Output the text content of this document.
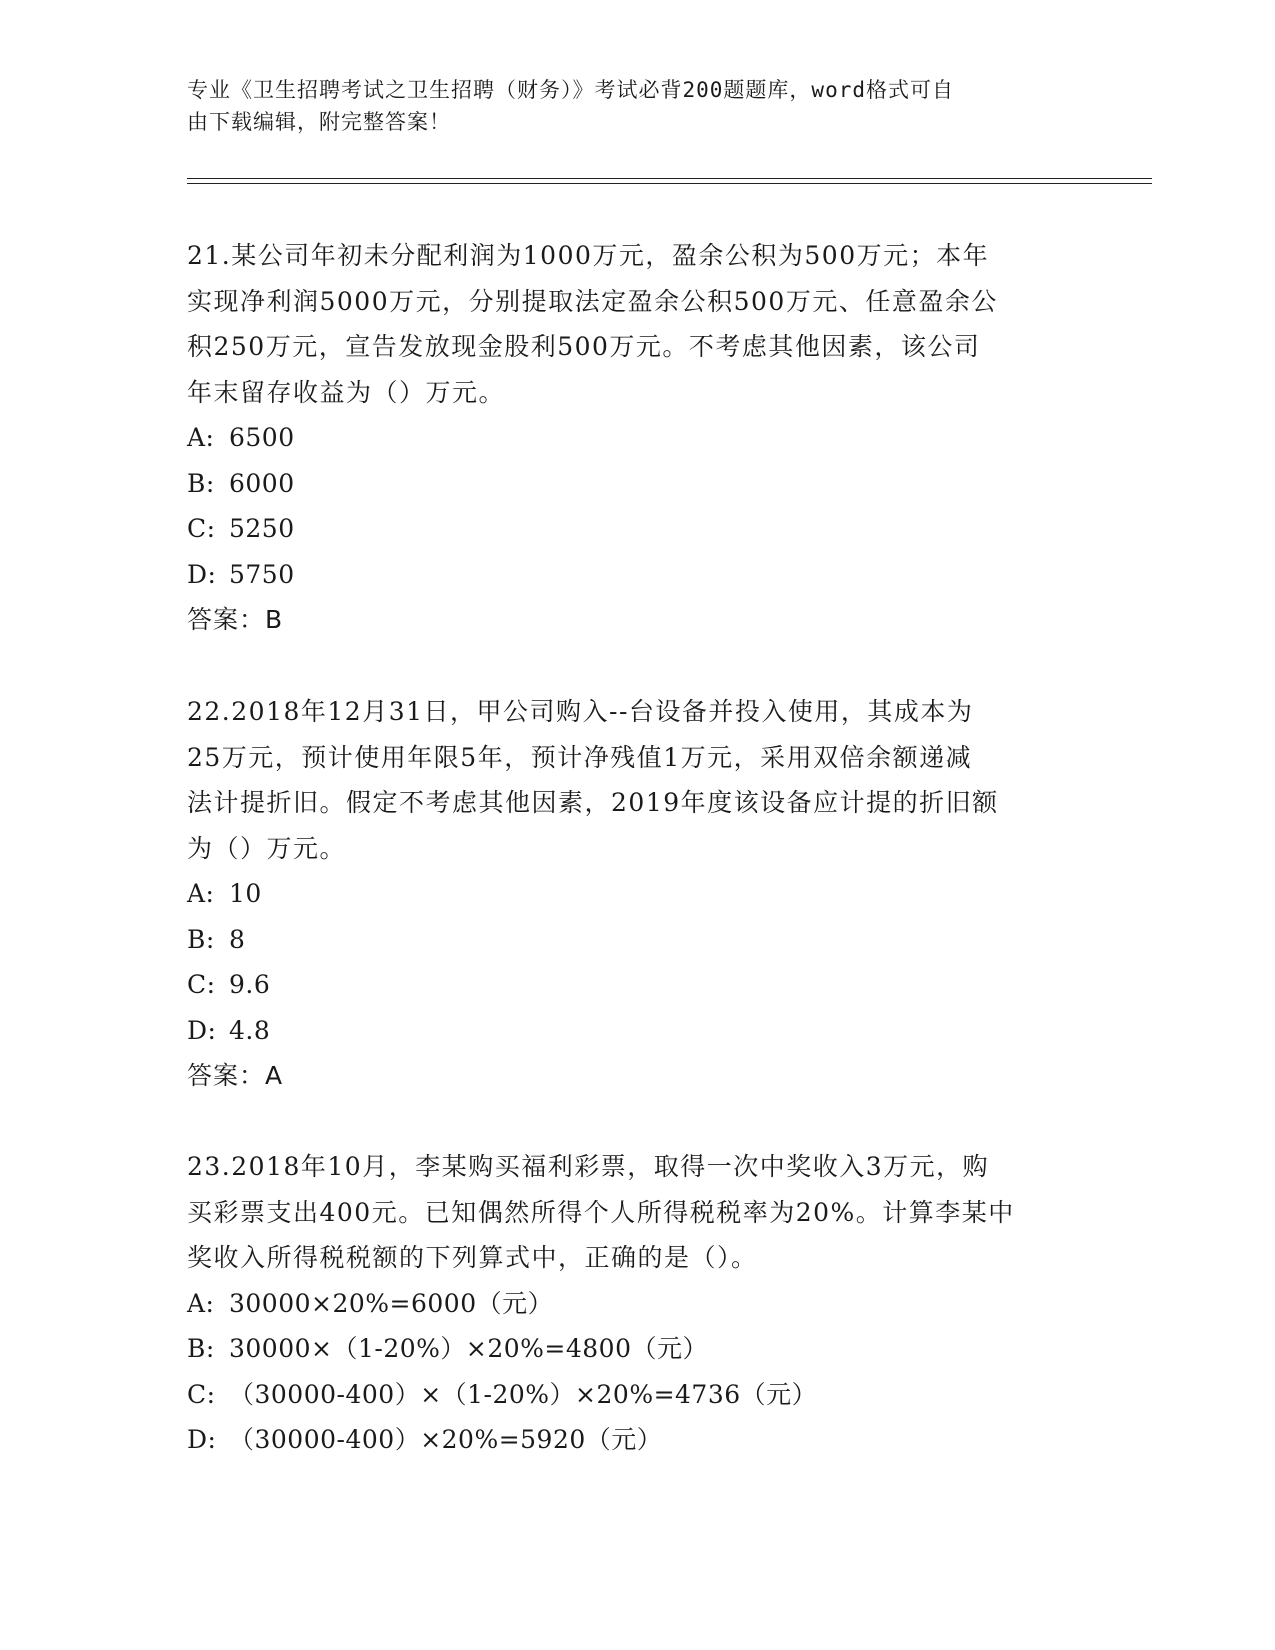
专业《卫生招聘考试之卫生招聘（财务）》考试必背200题题库，word格式可自
由下载编辑，附完整答案！
21.某公司年初未分配利润为1000万元，盈余公积为500万元；本年
实现净利润5000万元，分别提取法定盈余公积500万元、任意盈余公
积250万元，宣告发放现金股利500万元。不考虑其他因素，该公司
年末留存收益为（）万元。
A: 6500
B: 6000
C: 5250
D: 5750
答案：B
22.2018年12月31日，甲公司购入--台设备并投入使用，其成本为
25万元，预计使用年限5年，预计净残值1万元，采用双倍余额递减
法计提折旧。假定不考虑其他因素，2019年度该设备应计提的折旧额
为（）万元。
A: 10
B: 8
C: 9.6
D: 4.8
答案：A
23.2018年10月，李某购买福利彩票，取得一次中奖收入3万元，购
买彩票支出400元。已知偶然所得个人所得税税率为20%。计算李某中
奖收入所得税税额的下列算式中，正确的是（）。
A: 30000×20%=6000（元）
B: 30000×（1-20%）×20%=4800（元）
C: （30000-400）×（1-20%）×20%=4736（元）
D: （30000-400）×20%=5920（元）
